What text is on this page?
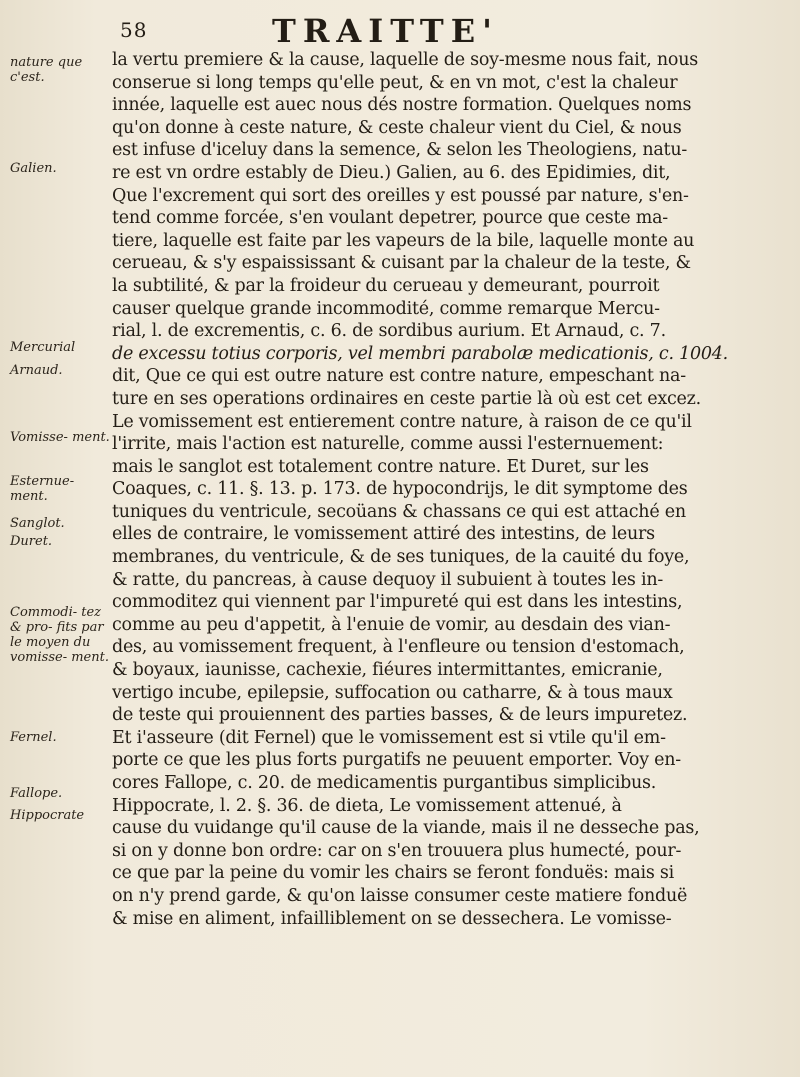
58	TRAITTE'
nature que c'est.
Galien.
Mercurial
Arnaud.
Vomisse- ment.
Esternue- ment.
Sanglot.
Duret.
Commodi- tez & pro- fits par le moyen du vomisse- ment.
Fernel.
Fallope.
Hippocrate
la vertu premiere & la cause, laquelle de soy-mesme nous fait, nous
conserue si long temps qu'elle peut, & en vn mot, c'est la chaleur
innée, laquelle est auec nous dés nostre formation. Quelques noms
qu'on donne à ceste nature, & ceste chaleur vient du Ciel, & nous
est infuse d'iceluy dans la semence, & selon les Theologiens, natu-
re est vn ordre estably de Dieu.) Galien, au 6. des Epidimies, dit,
Que l'excrement qui sort des oreilles y est poussé par nature, s'en-
tend comme forcée, s'en voulant depetrer, pource que ceste ma-
tiere, laquelle est faite par les vapeurs de la bile, laquelle monte au
cerueau, & s'y espaississant & cuisant par la chaleur de la teste, &
la subtilité, & par la froideur du cerueau y demeurant, pourroit
causer quelque grande incommodité, comme remarque Mercu-
rial, l. de excrementis, c. 6. de sordibus aurium. Et Arnaud, c. 7.
de excessu totius corporis, vel membri parabolæ medicationis, c. 1004.
dit, Que ce qui est outre nature est contre nature, empeschant na-
ture en ses operations ordinaires en ceste partie là où est cet excez.
Le vomissement est entierement contre nature, à raison de ce qu'il
l'irrite, mais l'action est naturelle, comme aussi l'esternuement:
mais le sanglot est totalement contre nature. Et Duret, sur les
Coaques, c. 11. §. 13. p. 173. de hypocondrijs, le dit symptome des
tuniques du ventricule, secoüans & chassans ce qui est attaché en
elles de contraire, le vomissement attiré des intestins, de leurs
membranes, du ventricule, & de ses tuniques, de la cauité du foye,
& ratte, du pancreas, à cause dequoy il subuient à toutes les in-
commoditez qui viennent par l'impureté qui est dans les intestins,
comme au peu d'appetit, à l'enuie de vomir, au desdain des vian-
des, au vomissement frequent, à l'enfleure ou tension d'estomach,
& boyaux, iaunisse, cachexie, fiéures intermittantes, emicranie,
vertigo incube, epilepsie, suffocation ou catharre, & à tous maux
de teste qui prouiennent des parties basses, & de leurs impuretez.
Et i'asseure (dit Fernel) que le vomissement est si vtile qu'il em-
porte ce que les plus forts purgatifs ne peuuent emporter. Voy en-
cores Fallope, c. 20. de medicamentis purgantibus simplicibus.
Hippocrate, l. 2. §. 36. de dieta, Le vomissement attenué, à
cause du vuidange qu'il cause de la viande, mais il ne desseche pas,
si on y donne bon ordre: car on s'en trouuera plus humecté, pour-
ce que par la peine du vomir les chairs se feront fonduës: mais si
on n'y prend garde, & qu'on laisse consumer ceste matiere fonduë
& mise en aliment, infailliblement on se dessechera. Le vomisse-
